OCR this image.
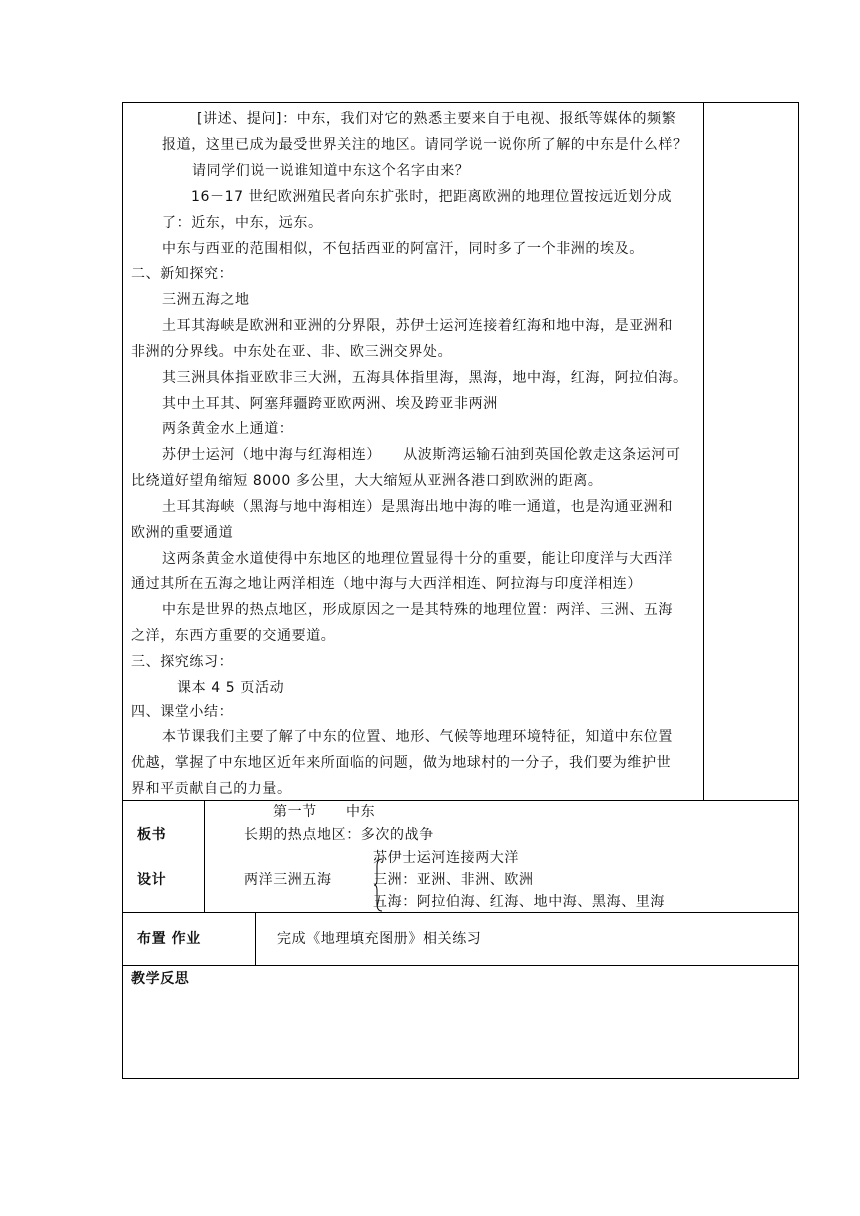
[讲述、提问]：中东，我们对它的熟悉主要来自于电视、报纸等媒体的频繁
报道，这里已成为最受世界关注的地区。请同学说一说你所了解的中东是什么样？
请同学们说一说谁知道中东这个名字由来？
16－17 世纪欧洲殖民者向东扩张时，把距离欧洲的地理位置按远近划分成
了：近东，中东，远东。
中东与西亚的范围相似，不包括西亚的阿富汗，同时多了一个非洲的埃及。
二、新知探究：
三洲五海之地
土耳其海峡是欧洲和亚洲的分界限，苏伊士运河连接着红海和地中海，是亚洲和
非洲的分界线。中东处在亚、非、欧三洲交界处。
其三洲具体指亚欧非三大洲，五海具体指里海，黑海，地中海，红海，阿拉伯海。
其中土耳其、阿塞拜疆跨亚欧两洲、埃及跨亚非两洲
两条黄金水上通道：
苏伊士运河（地中海与红海相连）　　从波斯湾运输石油到英国伦敦走这条运河可
比绕道好望角缩短 8000 多公里，大大缩短从亚洲各港口到欧洲的距离。
土耳其海峡（黑海与地中海相连）是黑海出地中海的唯一通道，也是沟通亚洲和
欧洲的重要通道
这两条黄金水道使得中东地区的地理位置显得十分的重要，能让印度洋与大西洋
通过其所在五海之地让两洋相连（地中海与大西洋相连、阿拉海与印度洋相连）
中东是世界的热点地区，形成原因之一是其特殊的地理位置：两洋、三洲、五海
之洋，东西方重要的交通要道。
三、探究练习：
课本 4 5 页活动
四、课堂小结：
本节课我们主要了解了中东的位置、地形、气候等地理环境特征，知道中东位置
优越，掌握了中东地区近年来所面临的问题，做为地球村的一分子，我们要为维护世
界和平贡献自己的力量。
板书
设计
第一节　　中东
长期的热点地区：多次的战争
两洋三洲五海
苏伊士运河连接两大洋
三洲：亚洲、非洲、欧洲
五海：阿拉伯海、红海、地中海、黑海、里海
布置 作业	完成《地理填充图册》相关练习
教学反思
